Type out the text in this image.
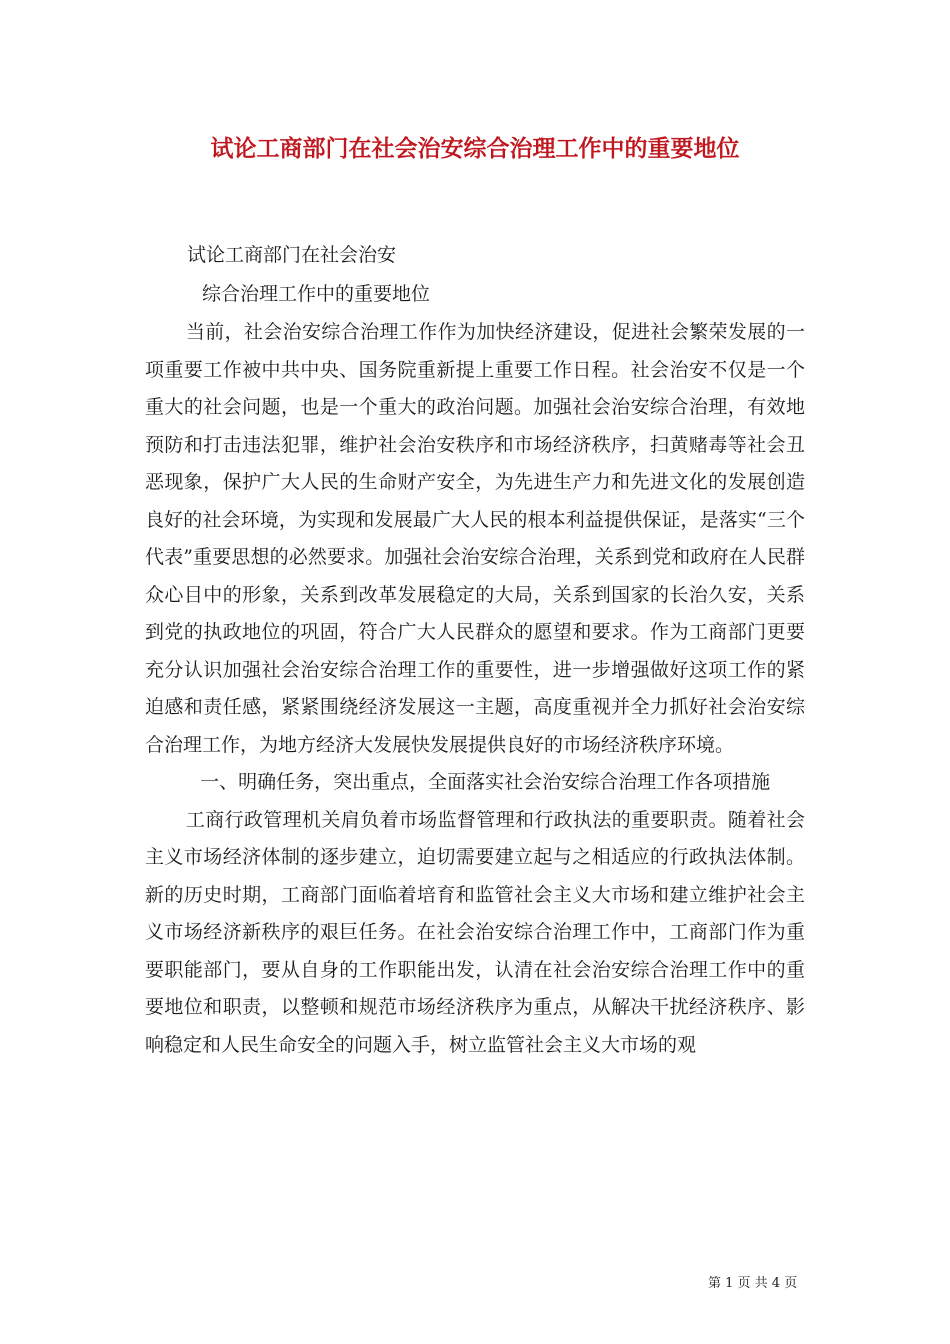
试论工商部门在社会治安综合治理工作中的重要地位

试论工商部门在社会治安

综合治理工作中的重要地位

当前，社会治安综合治理工作作为加快经济建设，促进社会繁荣发展的一项重要工作被中共中央、国务院重新提上重要工作日程。社会治安不仅是一个重大的社会问题，也是一个重大的政治问题。加强社会治安综合治理，有效地预防和打击违法犯罪，维护社会治安秩序和市场经济秩序，扫黄赌毒等社会丑恶现象，保护广大人民的生命财产安全，为先进生产力和先进文化的发展创造良好的社会环境，为实现和发展最广大人民的根本利益提供保证，是落实“三个代表”重要思想的必然要求。加强社会治安综合治理，关系到党和政府在人民群众心目中的形象，关系到改革发展稳定的大局，关系到国家的长治久安，关系到党的执政地位的巩固，符合广大人民群众的愿望和要求。作为工商部门更要充分认识加强社会治安综合治理工作的重要性，进一步增强做好这项工作的紧迫感和责任感，紧紧围绕经济发展这一主题，高度重视并全力抓好社会治安综合治理工作，为地方经济大发展快发展提供良好的市场经济秩序环境。

一、明确任务，突出重点，全面落实社会治安综合治理工作各项措施

工商行政管理机关肩负着市场监督管理和行政执法的重要职责。随着社会主义市场经济体制的逐步建立，迫切需要建立起与之相适应的行政执法体制。新的历史时期，工商部门面临着培育和监管社会主义大市场和建立维护社会主义市场经济新秩序的艰巨任务。在社会治安综合治理工作中，工商部门作为重要职能部门，要从自身的工作职能出发，认清在社会治安综合治理工作中的重要地位和职责，以整顿和规范市场经济秩序为重点，从解决干扰经济秩序、影响稳定和人民生命安全的问题入手，树立监管社会主义大市场的观

第 1 页 共 4 页
